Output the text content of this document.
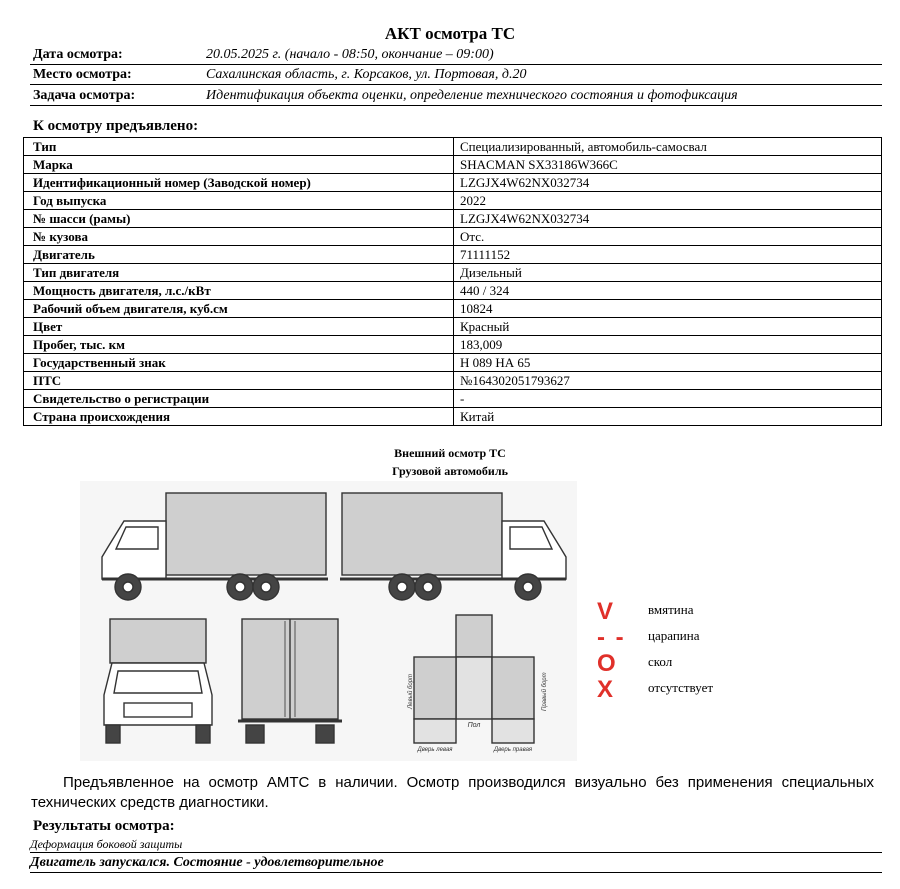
АКТ осмотра ТС
Дата осмотра:	20.05.2025 г. (начало - 08:50, окончание – 09:00)
Место осмотра:	Сахалинская область, г. Корсаков, ул. Портовая, д.20
Задача осмотра:	Идентификация объекта оценки, определение технического состояния и фотофиксация
К осмотру предъявлено:
Тип	Специализированный, автомобиль-самосвал
Марка	SHACMAN SX33186W366C
Идентификационный номер (Заводской номер)	LZGJX4W62NX032734
Год выпуска	2022
№ шасси (рамы)	LZGJX4W62NX032734
№ кузова	Отс.
Двигатель	71111152
Тип двигателя	Дизельный
Мощность двигателя, л.с./кВт	440 / 324
Рабочий объем двигателя, куб.см	10824
Цвет	Красный
Пробег, тыс. км	183,009
Государственный знак	Н 089 НА 65
ПТС	№164302051793627
Свидетельство о регистрации	-
Страна происхождения	Китай
Внешний осмотр ТС
Грузовой автомобиль
Левый борт	Правый борт
Пол
Дверь левая	Дверь правая
V	вмятина
- - царапина
O скол
X	отсутствует
Предъявленное на осмотр АМТС в наличии. Осмотр производился визуально без применения специальных технических средств диагностики.
Результаты осмотра:
Деформация боковой защиты
Двигатель запускался. Состояние - удовлетворительное
